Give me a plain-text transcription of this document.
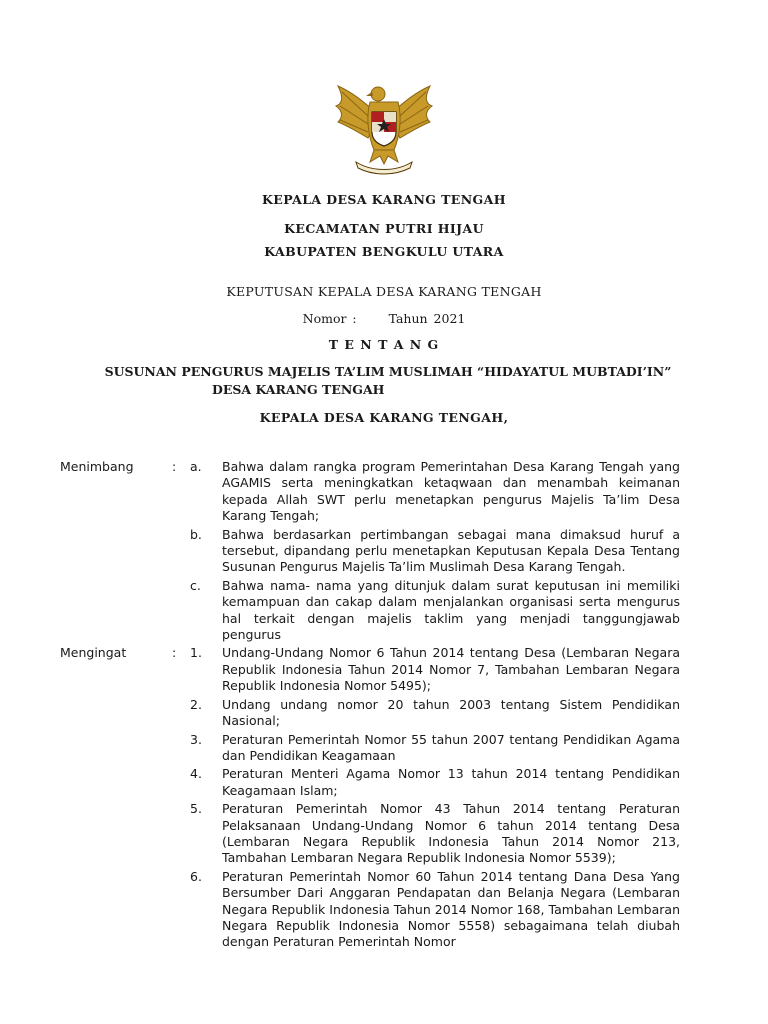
KEPALA DESA KARANG TENGAH
KECAMATAN PUTRI HIJAU
KABUPATEN BENGKULU UTARA
KEPUTUSAN KEPALA DESA KARANG TENGAH
Nomor :	Tahun 2021
T E N T A N G
SUSUNAN PENGURUS MAJELIS TA’LIM MUSLIMAH “HIDAYATUL MUBTADI’IN”
DESA KARANG TENGAH
KEPALA DESA KARANG TENGAH,
Menimbang	:	a.	Bahwa dalam rangka program Pemerintahan Desa Karang Tengah yang AGAMIS serta meningkatkan ketaqwaan dan menambah keimanan kepada Allah SWT perlu menetapkan pengurus Majelis Ta’lim Desa Karang Tengah;
b.	Bahwa berdasarkan pertimbangan sebagai mana dimaksud huruf a tersebut, dipandang perlu menetapkan Keputusan Kepala Desa Tentang Susunan Pengurus Majelis Ta’lim Muslimah Desa Karang Tengah.
c.	Bahwa nama- nama yang ditunjuk dalam surat keputusan ini memiliki kemampuan dan cakap dalam menjalankan organisasi serta mengurus hal terkait dengan majelis taklim yang menjadi tanggungjawab pengurus
Mengingat	:	1.	Undang-Undang Nomor 6 Tahun 2014 tentang Desa (Lembaran Negara Republik Indonesia Tahun 2014 Nomor 7, Tambahan Lembaran Negara Republik Indonesia Nomor 5495);
2.	Undang undang nomor 20 tahun 2003 tentang Sistem Pendidikan Nasional;
3.	Peraturan Pemerintah Nomor 55 tahun 2007 tentang Pendidikan Agama dan Pendidikan Keagamaan
4.	Peraturan Menteri Agama Nomor 13 tahun 2014 tentang Pendidikan Keagamaan Islam;
5.	Peraturan Pemerintah Nomor 43 Tahun 2014 tentang Peraturan Pelaksanaan Undang-Undang Nomor 6 tahun 2014 tentang Desa (Lembaran Negara Republik Indonesia Tahun 2014 Nomor 213, Tambahan Lembaran Negara Republik Indonesia Nomor 5539);
6.	Peraturan Pemerintah Nomor 60 Tahun 2014 tentang Dana Desa Yang Bersumber Dari Anggaran Pendapatan dan Belanja Negara (Lembaran Negara Republik Indonesia Tahun 2014 Nomor 168, Tambahan Lembaran Negara Republik Indonesia Nomor 5558) sebagaimana telah diubah dengan Peraturan Pemerintah Nomor
